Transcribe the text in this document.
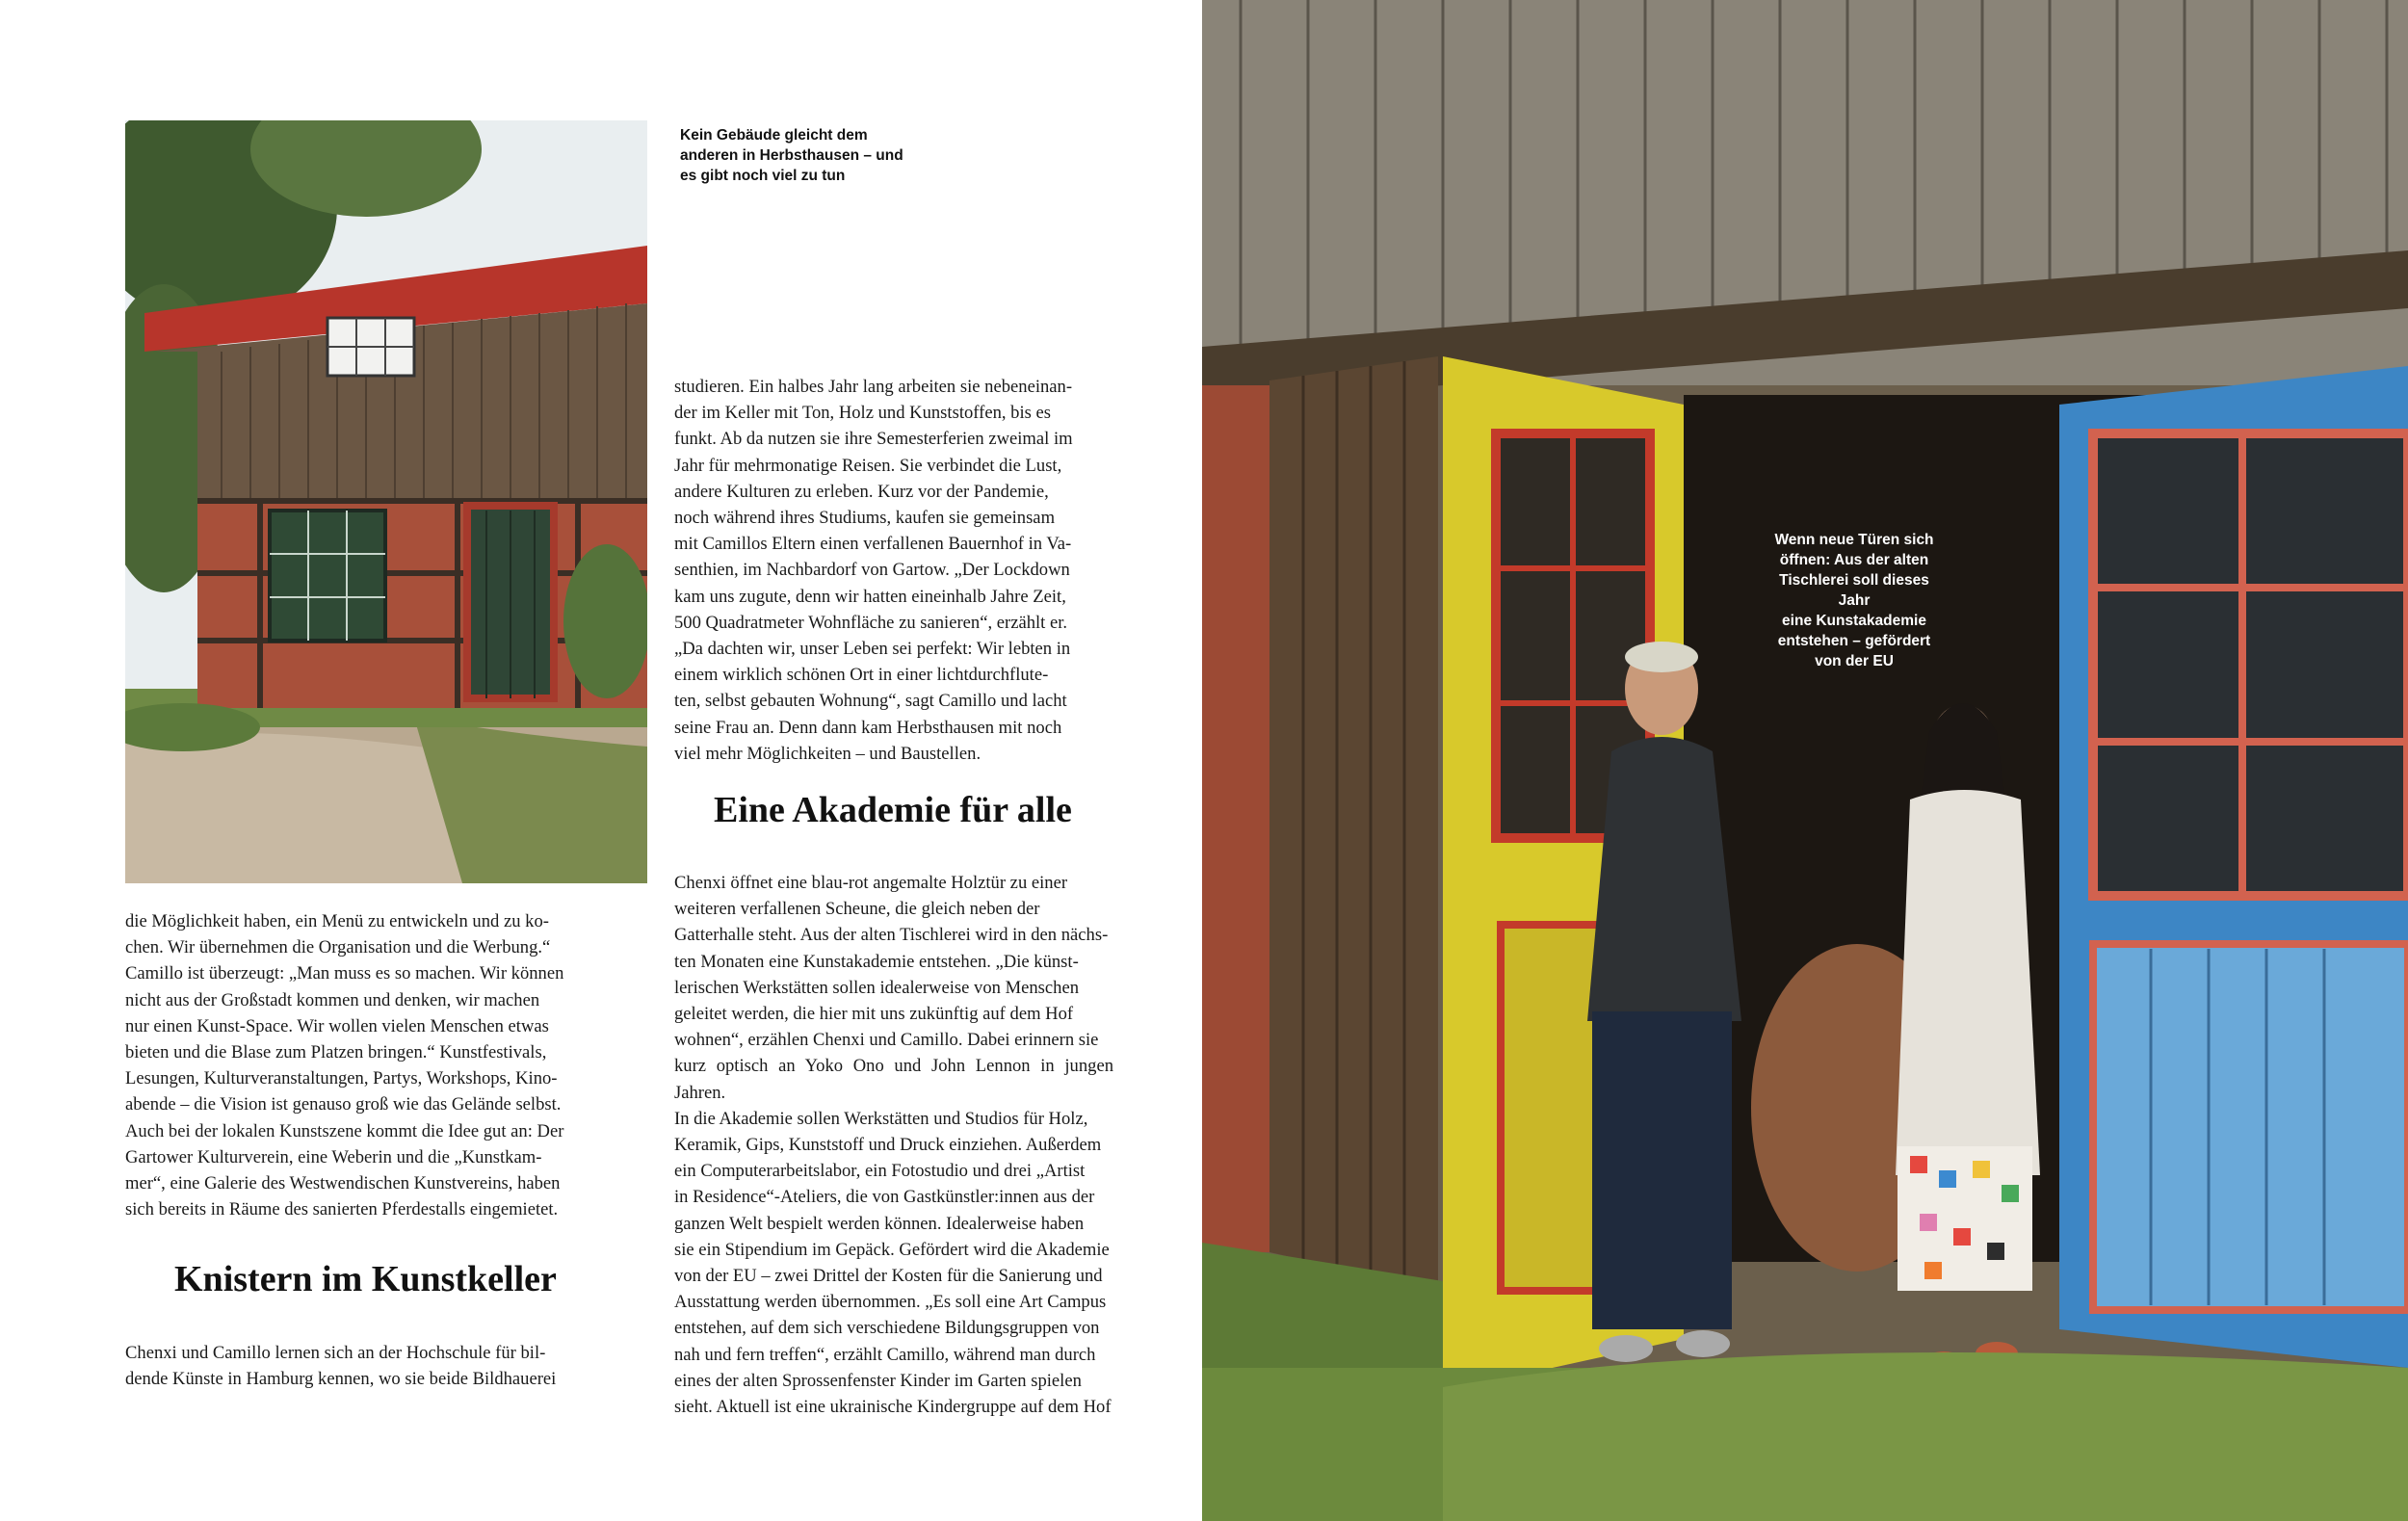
Kein Gebäude gleicht dem
anderen in Herbsthausen – und
es gibt noch viel zu tun

studieren. Ein halbes Jahr lang arbeiten sie nebeneinan-
der im Keller mit Ton, Holz und Kunststoffen, bis es
funkt. Ab da nutzen sie ihre Semesterferien zweimal im
Jahr für mehrmonatige Reisen. Sie verbindet die Lust,
andere Kulturen zu erleben. Kurz vor der Pandemie,
noch während ihres Studiums, kaufen sie gemeinsam
mit Camillos Eltern einen verfallenen Bauernhof in Va-
senthien, im Nachbardorf von Gartow. „Der Lockdown
kam uns zugute, denn wir hatten eineinhalb Jahre Zeit,
500 Quadratmeter Wohnfläche zu sanieren“, erzählt er.
„Da dachten wir, unser Leben sei perfekt: Wir lebten in
einem wirklich schönen Ort in einer lichtdurchflute-
ten, selbst gebauten Wohnung“, sagt Camillo und lacht
seine Frau an. Denn dann kam Herbsthausen mit noch
viel mehr Möglichkeiten – und Baustellen.

Eine Akademie für alle

Chenxi öffnet eine blau-rot angemalte Holztür zu einer
weiteren verfallenen Scheune, die gleich neben der
Gatterhalle steht. Aus der alten Tischlerei wird in den nächs-
ten Monaten eine Kunstakademie entstehen. „Die künst-
lerischen Werkstätten sollen idealerweise von Menschen
geleitet werden, die hier mit uns zukünftig auf dem Hof
wohnen“, erzählen Chenxi und Camillo. Dabei erinnern sie
kurz optisch an Yoko Ono und John Lennon in jungen Jahren.
In die Akademie sollen Werkstätten und Studios für Holz,
Keramik, Gips, Kunststoff und Druck einziehen. Außerdem
ein Computerarbeitslabor, ein Fotostudio und drei „Artist
in Residence“-Ateliers, die von Gastkünstler:innen aus der
ganzen Welt bespielt werden können. Idealerweise haben
sie ein Stipendium im Gepäck. Gefördert wird die Akademie
von der EU – zwei Drittel der Kosten für die Sanierung und
Ausstattung werden übernommen. „Es soll eine Art Campus
entstehen, auf dem sich verschiedene Bildungsgruppen von
nah und fern treffen“, erzählt Camillo, während man durch
eines der alten Sprossenfenster Kinder im Garten spielen
sieht. Aktuell ist eine ukrainische Kindergruppe auf dem Hof

die Möglichkeit haben, ein Menü zu entwickeln und zu ko-
chen. Wir übernehmen die Organisation und die Werbung.“
Camillo ist überzeugt: „Man muss es so machen. Wir können
nicht aus der Großstadt kommen und denken, wir machen
nur einen Kunst-Space. Wir wollen vielen Menschen etwas
bieten und die Blase zum Platzen bringen.“ Kunstfestivals,
Lesungen, Kulturveranstaltungen, Partys, Workshops, Kino-
abende – die Vision ist genauso groß wie das Gelände selbst.
Auch bei der lokalen Kunstszene kommt die Idee gut an: Der
Gartower Kulturverein, eine Weberin und die „Kunstkam-
mer“, eine Galerie des Westwendischen Kunstvereins, haben
sich bereits in Räume des sanierten Pferdestalls eingemietet.

Knistern im Kunstkeller

Chenxi und Camillo lernen sich an der Hochschule für bil-
dende Künste in Hamburg kennen, wo sie beide Bildhauerei

Wenn neue Türen sich
öffnen: Aus der alten
Tischlerei soll dieses Jahr
eine Kunstakademie
entstehen – gefördert
von der EU
